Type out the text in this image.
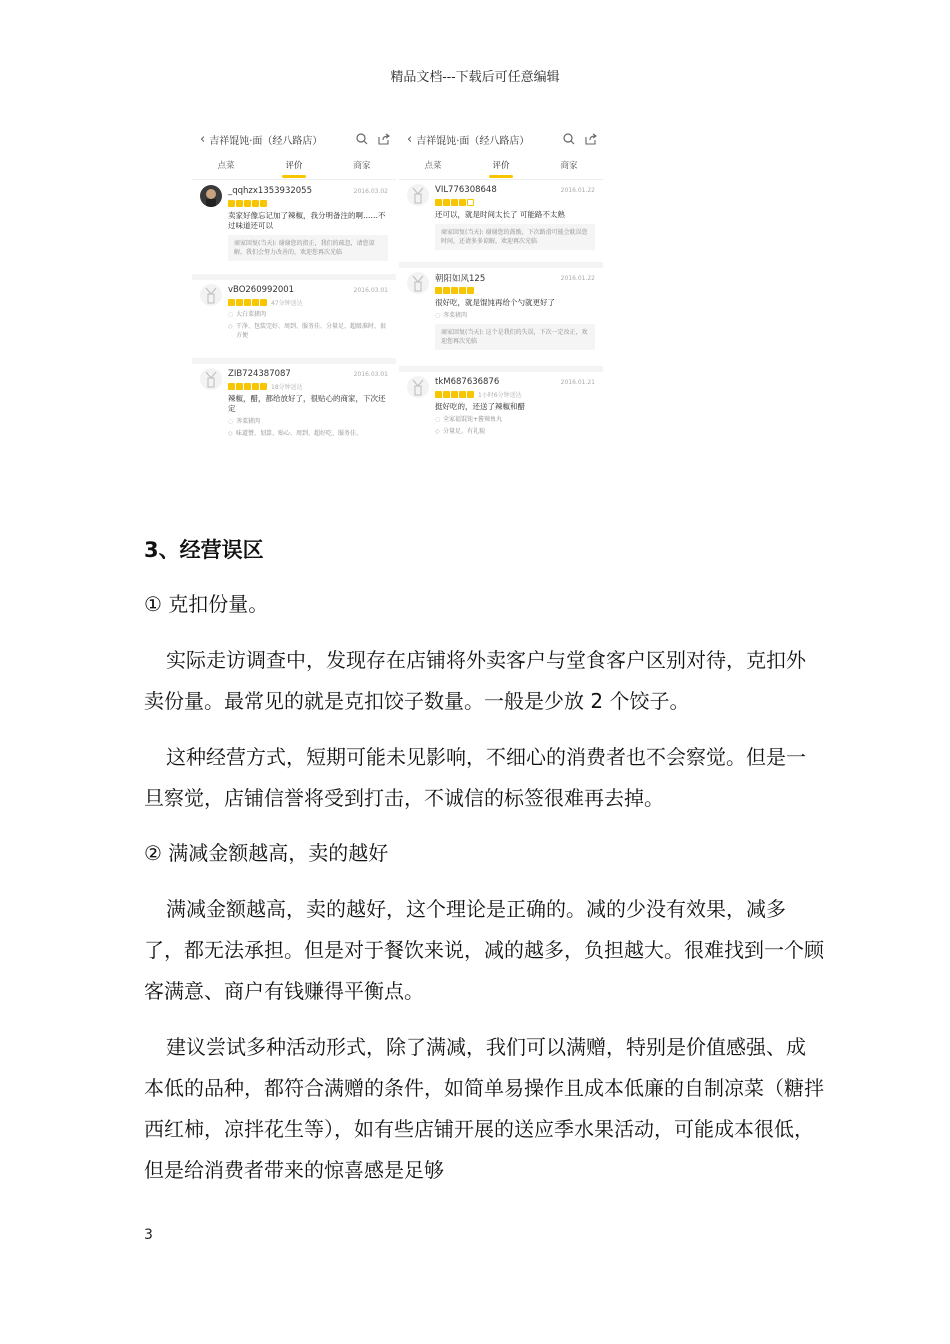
精品文档---下载后可任意编辑
‹ 吉祥馄饨·面（经八路店）
点菜	评价	商家
_qqhzx1353932055	2016.03.02
卖家好像忘记加了辣椒，我分明备注的啊……不过味道还可以
商家回复(当天): 谢谢您的指正，我们的疏忽，请您谅解，我们会努力改善的，欢迎您再次光临
vBO260992001	2016.03.01
47分钟送达
◌ 大白菜猪肉
◇ 干净、包装完好、周到、服务佳、分量足、超级准时、很方便
ZIB724387087	2016.03.01
18分钟送达
辣椒，醋，都给放好了，很贴心的商家，下次还定
◌ 荠菜猪肉
◇ 味道赞、划算、贴心、周到、超好吃、服务佳、
‹ 吉祥馄饨·面（经八路店）
点菜	评价	商家
VIL776308648	2016.01.22
还可以，就是时间太长了 可能路不太熟
商家回复(当天): 谢谢您的鼓励，下次路滑可能会耽误您时间，还请多多谅解，欢迎再次光临
朝阳如风125	2016.01.22
很好吃，就是馄饨再给个勺就更好了
◌ 荠菜猪肉
商家回复(当天): 这个是我们的失误，下次一定改正，欢迎您再次光临
tkM687636876	2016.01.21
1小时6分钟送达
挺好吃的，还送了辣椒和醋
◌ 全家福馄饨+酱辣鱼丸
◇ 分量足、有礼貌
3、经营误区
① 克扣份量。
实际走访调查中，发现存在店铺将外卖客户与堂食客户区别对待，克扣外卖份量。最常见的就是克扣饺子数量。一般是少放 2 个饺子。
这种经营方式，短期可能未见影响，不细心的消费者也不会察觉。但是一旦察觉，店铺信誉将受到打击，不诚信的标签很难再去掉。
② 满减金额越高，卖的越好
满减金额越高，卖的越好，这个理论是正确的。减的少没有效果，减多了，都无法承担。但是对于餐饮来说，减的越多，负担越大。很难找到一个顾客满意、商户有钱赚得平衡点。
建议尝试多种活动形式，除了满减，我们可以满赠，特别是价值感强、成本低的品种，都符合满赠的条件，如简单易操作且成本低廉的自制凉菜（糖拌西红柿，凉拌花生等），如有些店铺开展的送应季水果活动，可能成本很低，但是给消费者带来的惊喜感是足够
3
